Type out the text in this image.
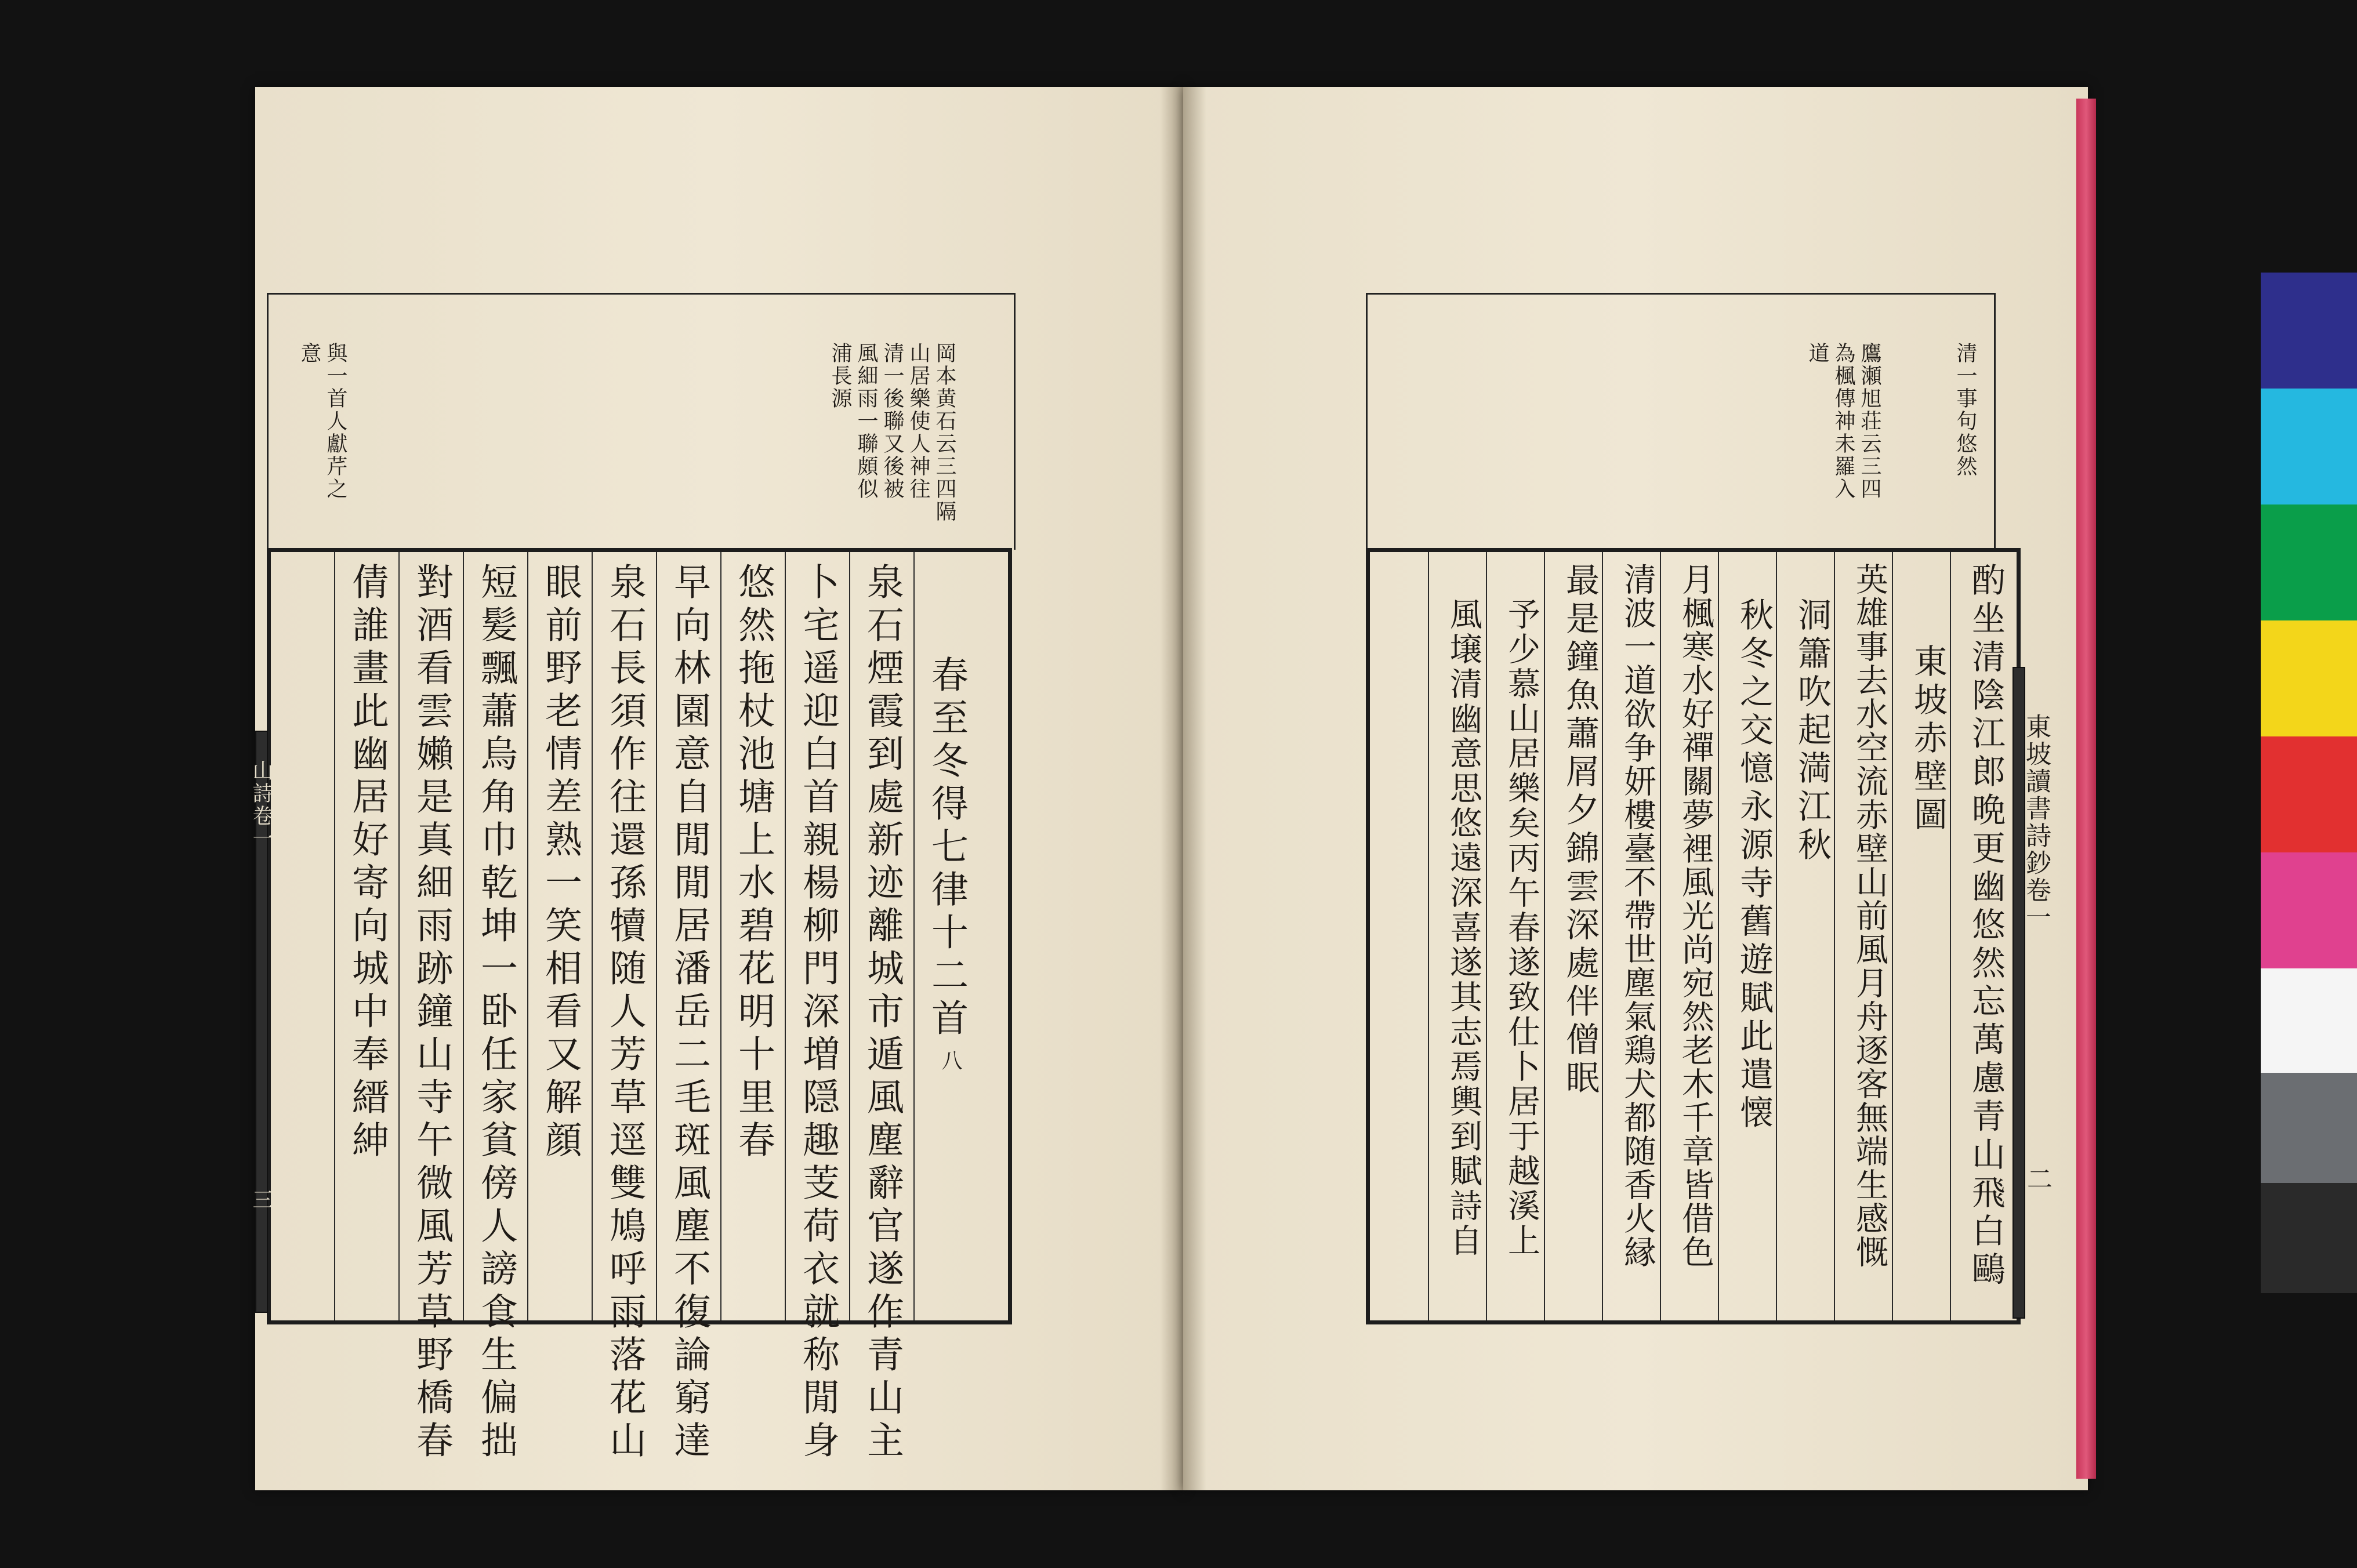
岡本黄石云三四隔
山居樂使人神往
清一後聯又後被
風細雨一聯頗似
浦長源
與一首人獻芹之
意
春至冬得七律十二首
八
泉石煙霞到處新迹離城市遁風塵辭官遂作青山主
卜宅遥迎白首親楊柳門深増隠趣芰荷衣就称閒身
悠然拖杖池塘上水碧花明十里春
早向林園意自閒閒居潘岳二毛斑風塵不復論窮達
泉石長須作往還孫犢随人芳草逕雙鳩呼雨落花山
眼前野老情差熟一笑相看又解顔
短髪飄蕭烏角巾乾坤一卧任家貧傍人謗食生偏拙
對酒看雲嬾是真細雨跡鐘山寺午微風芳草野橋春
倩誰畫此幽居好寄向城中奉縉紳
山詩卷一
三
清一事句悠然
鷹瀬旭荘云三四
為楓傳神未羅入
道
酌坐清陰江郎晩更幽悠然忘萬慮青山飛白鷗
東坡赤壁圖
英雄事去水空流赤壁山前風月舟逐客無端生感慨
洞簫吹起満江秋
秋冬之交憶永源寺舊遊賦此遣懐
月楓寒水好禪關夢裡風光尚宛然老木千章皆借色
清波一道欲争妍樓臺不帶世塵氣鶏犬都随香火縁
最是鐘魚蕭屑夕錦雲深處伴僧眠
予少慕山居樂矣丙午春遂致仕卜居于越溪上
風壌清幽意思悠遠深喜遂其志焉輿到賦詩自	東坡讀書詩鈔卷一
二
